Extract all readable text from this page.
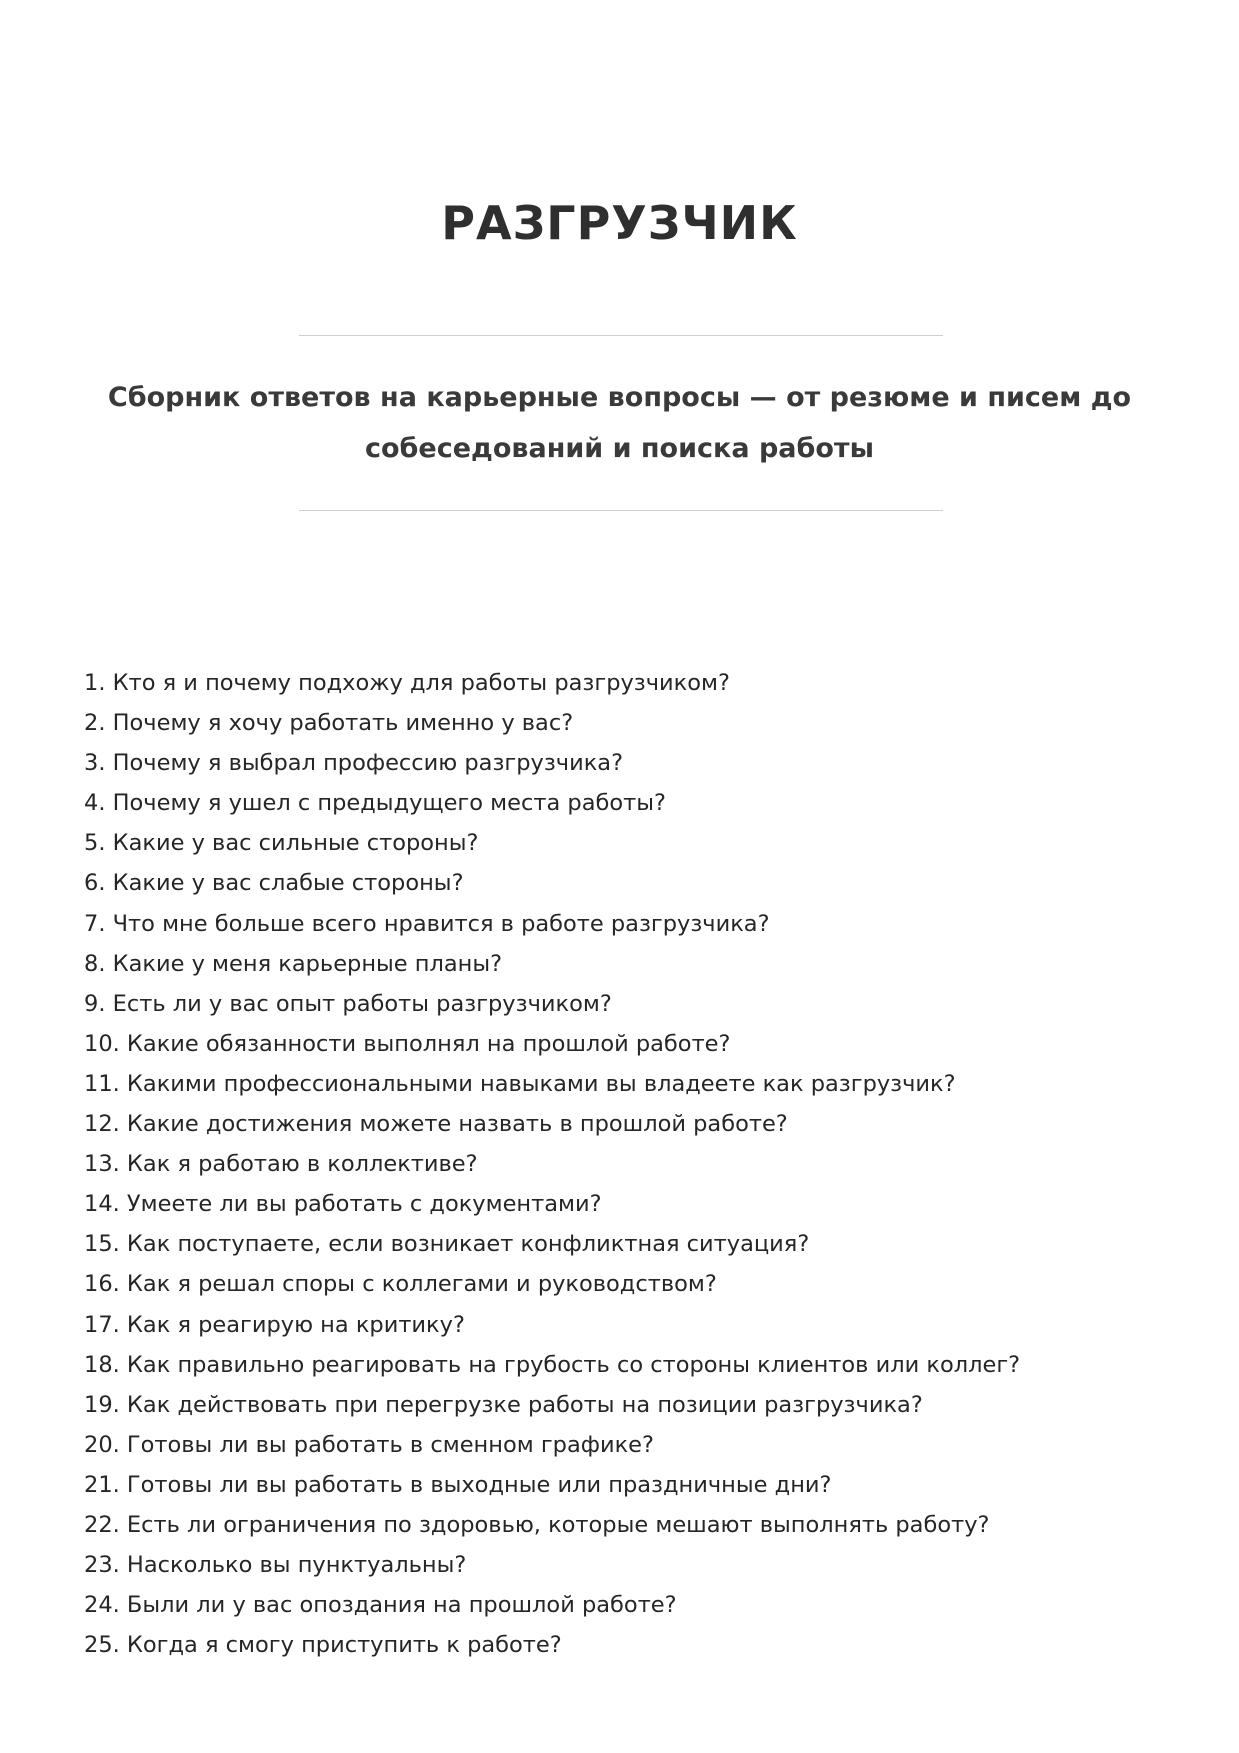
РАЗГРУЗЧИК

Сборник ответов на карьерные вопросы — от резюме и писем до собеседований и поиска работы

1. Кто я и почему подхожу для работы разгрузчиком?
2. Почему я хочу работать именно у вас?
3. Почему я выбрал профессию разгрузчика?
4. Почему я ушел с предыдущего места работы?
5. Какие у вас сильные стороны?
6. Какие у вас слабые стороны?
7. Что мне больше всего нравится в работе разгрузчика?
8. Какие у меня карьерные планы?
9. Есть ли у вас опыт работы разгрузчиком?
10. Какие обязанности выполнял на прошлой работе?
11. Какими профессиональными навыками вы владеете как разгрузчик?
12. Какие достижения можете назвать в прошлой работе?
13. Как я работаю в коллективе?
14. Умеете ли вы работать с документами?
15. Как поступаете, если возникает конфликтная ситуация?
16. Как я решал споры с коллегами и руководством?
17. Как я реагирую на критику?
18. Как правильно реагировать на грубость со стороны клиентов или коллег?
19. Как действовать при перегрузке работы на позиции разгрузчика?
20. Готовы ли вы работать в сменном графике?
21. Готовы ли вы работать в выходные или праздничные дни?
22. Есть ли ограничения по здоровью, которые мешают выполнять работу?
23. Насколько вы пунктуальны?
24. Были ли у вас опоздания на прошлой работе?
25. Когда я смогу приступить к работе?
